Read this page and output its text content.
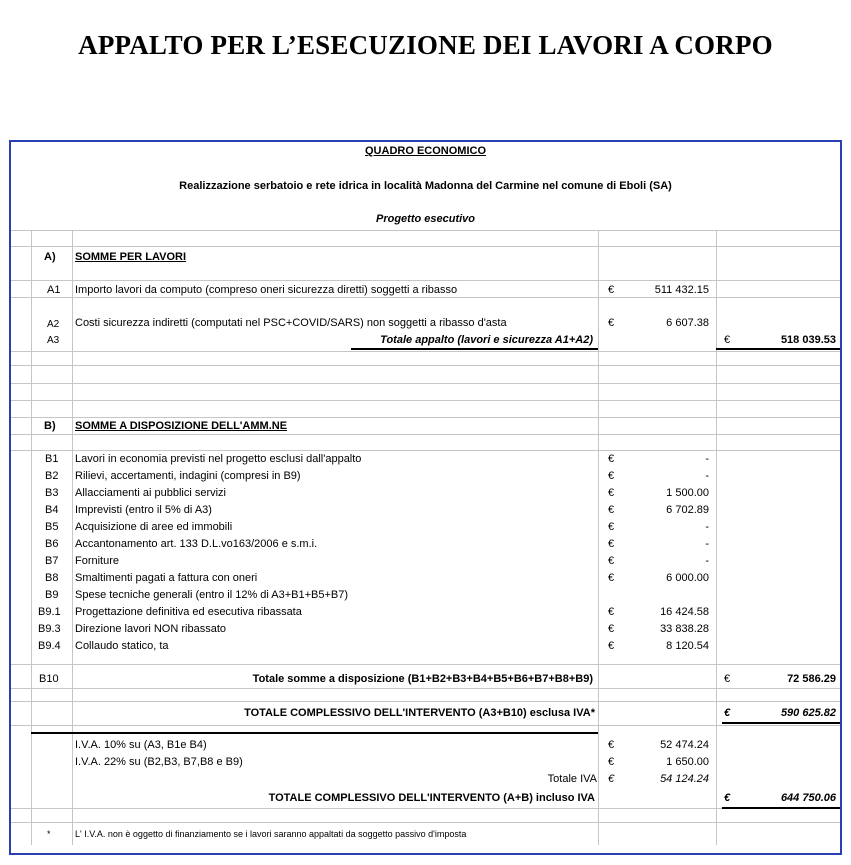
APPALTO PER L’ESECUZIONE DEI LAVORI A CORPO
QUADRO ECONOMICO
Realizzazione serbatoio e rete idrica in località Madonna del Carmine nel comune di Eboli (SA)
Progetto esecutivo
A) SOMME PER LAVORI
A1 Importo lavori da computo (compreso oneri sicurezza diretti) soggetti a ribasso	€	511 432.15
A2 Costi sicurezza indiretti (computati nel PSC+COVID/SARS) non soggetti a ribasso d'asta	€	6 607.38
A3	Totale appalto (lavori e sicurezza A1+A2)	€	518 039.53
B) SOMME A DISPOSIZIONE DELL'AMM.NE
B1 Lavori in economia previsti nel progetto esclusi dall'appalto	€	-
B2 Rilievi, accertamenti, indagini (compresi in B9)	€	-
B3 Allacciamenti ai pubblici servizi	€	1 500.00
B4 Imprevisti (entro il 5% di A3)	€	6 702.89
B5 Acquisizione di aree ed immobili	€	-
B6 Accantonamento art. 133 D.L.vo163/2006 e s.m.i.	€	-
B7 Forniture	€	-
B8 Smaltimenti pagati a fattura con oneri	€	6 000.00
B9 Spese tecniche generali (entro il 12% di A3+B1+B5+B7)
B9.1 Progettazione definitiva ed esecutiva ribassata	€	16 424.58
B9.3 Direzione lavori NON ribassato	€	33 838.28
B9.4 Collaudo statico, ta	€	8 120.54
B10	Totale somme a disposizione (B1+B2+B3+B4+B5+B6+B7+B8+B9)	€	72 586.29
TOTALE COMPLESSIVO DELL'INTERVENTO (A3+B10) esclusa IVA*	€	590 625.82
I.V.A. 10% su (A3, B1e B4)	€	52 474.24
I.V.A. 22% su (B2,B3, B7,B8 e B9)	€	1 650.00
Totale IVA €	54 124.24
TOTALE COMPLESSIVO DELL'INTERVENTO (A+B) incluso IVA	€	644 750.06
*	L' I.V.A. non è oggetto di finanziamento se i lavori saranno appaltati da soggetto passivo d'imposta
